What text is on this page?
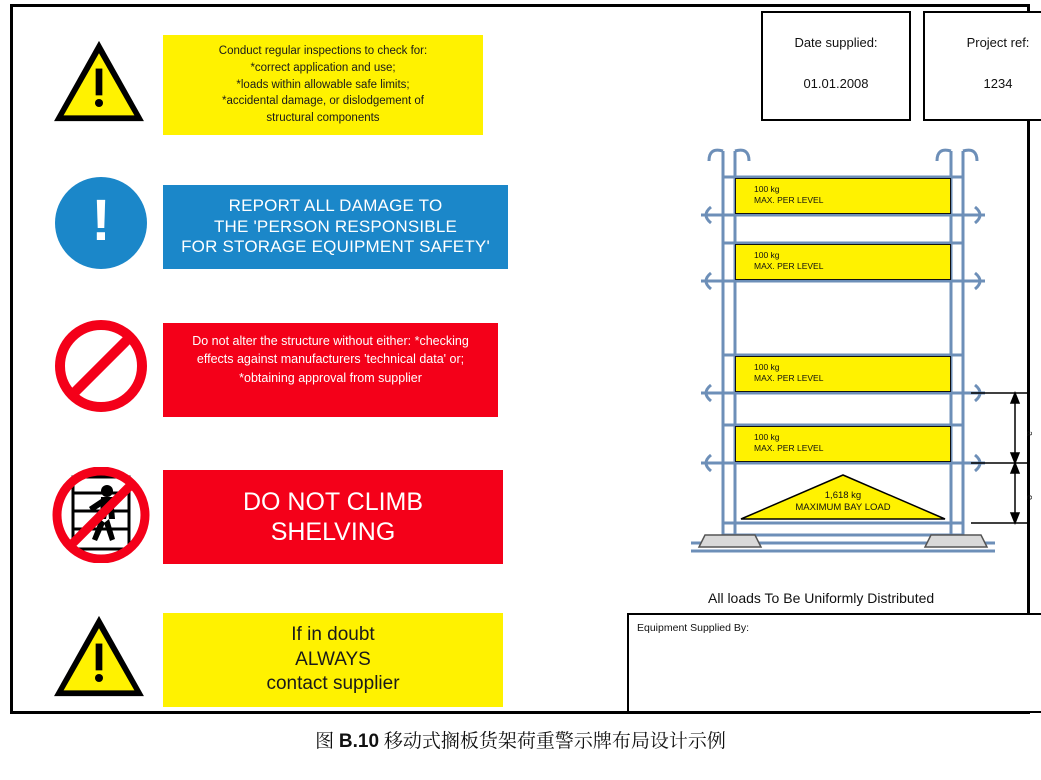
Conduct regular inspections to check for:
*correct application and use;
*loads within allowable safe limits;
*accidental damage, or dislodgement of
structural components
!	REPORT ALL DAMAGE TO
THE 'PERSON RESPONSIBLE
FOR STORAGE EQUIPMENT SAFETY'
Do not alter the structure without either: *checking effects against manufacturers 'technical data' or; *obtaining approval from supplier
DO NOT CLIMB
SHELVING
If in doubt
ALWAYS
contact supplier
Date supplied:
01.01.2008
Project ref:
1234
1,618 kg
MAXIMUM BAY LOAD
a
e
100 kg
MAX. PER LEVEL
100 kg
MAX. PER LEVEL
100 kg
MAX. PER LEVEL
100 kg
MAX. PER LEVEL
All loads To Be Uniformly Distributed
Equipment Supplied By:
图 B.10 移动式搁板货架荷重警示牌布局设计示例
